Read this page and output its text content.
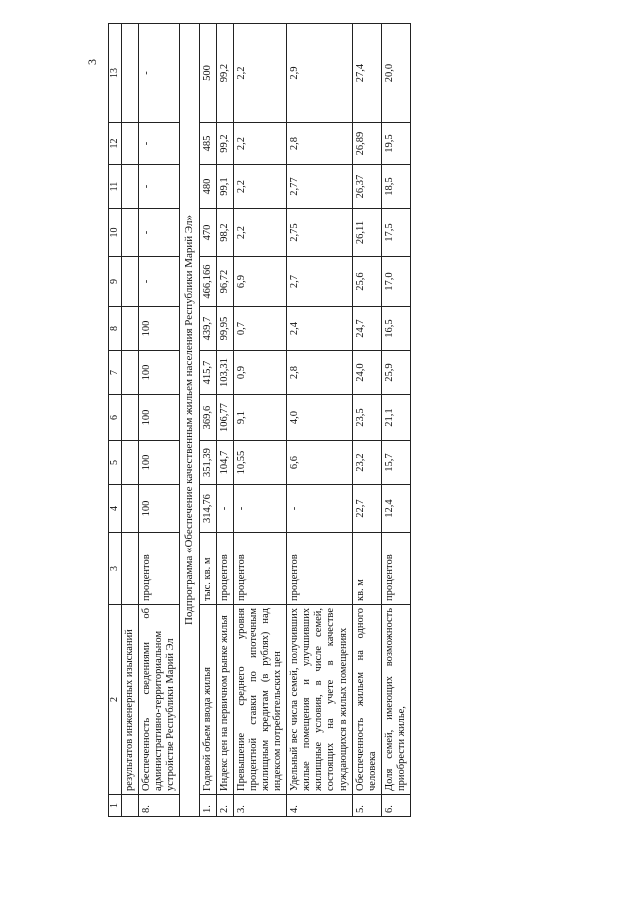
3
1	2	3	4	5	6	7	8	9	10	11	12	13
	результатов инженерных изысканий											
8.	Обеспеченность сведениями об административно-территориальном устройстве Республики Марий Эл	процентов	100	100	100	100	100	-	-	-	-	-
Подпрограмма «Обеспечение качественным жильем населения Республики Марий Эл»												
1.	Годовой объем ввода жилья	тыс. кв. м	314,76	351,39	369,6	415,7	439,7	466,166	470	480	485	500
2.	Индекс цен на первичном рынке жилья	процентов	-	104,7	106,77	103,31	99,95	96,72	98,2	99,1	99,2	99,2
3.	Превышение среднего уровня процентной ставки по ипотечным жилищным кредитам (в рублях) над индексом потребительских цен	процентов	-	10,55	9,1	0,9	0,7	6,9	2,2	2,2	2,2	2,2
4.	Удельный вес числа семей, получивших жилые помещения и улучшивших жилищные условия, в числе семей, состоящих на учете в качестве нуждающихся в жилых помещениях	процентов	-	6,6	4,0	2,8	2,4	2,7	2,75	2,77	2,8	2,9
5.	Обеспеченность жильем на одного человека	кв. м	22,7	23,2	23,5	24,0	24,7	25,6	26,11	26,37	26,89	27,4
6.	Доля семей, имеющих возможность приобрести жилье,	процентов	12,4	15,7	21,1	25,9	16,5	17,0	17,5	18,5	19,5	20,0
